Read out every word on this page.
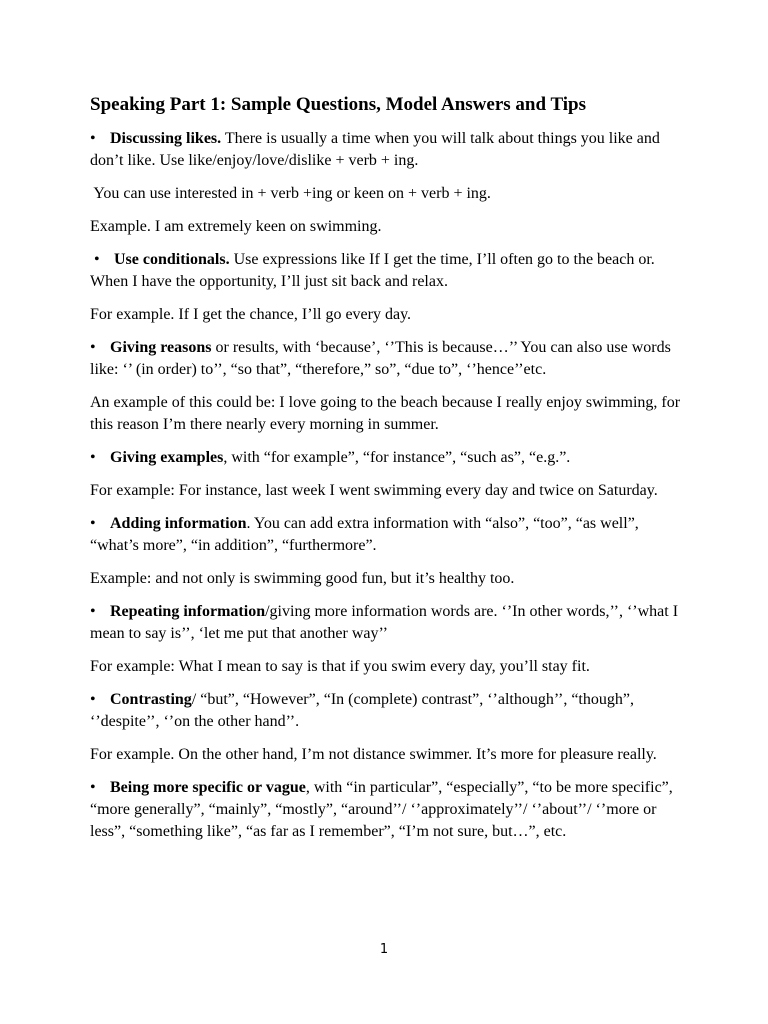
Speaking Part 1: Sample Questions, Model Answers and Tips

• Discussing likes. There is usually a time when you will talk about things you like and don’t like. Use like/enjoy/love/dislike + verb + ing.

You can use interested in + verb +ing or keen on + verb + ing.

Example. I am extremely keen on swimming.

• Use conditionals. Use expressions like If I get the time, I’ll often go to the beach or. When I have the opportunity, I’ll just sit back and relax.

For example. If I get the chance, I’ll go every day.

• Giving reasons or results, with ‘because’, ‘’This is because…’’ You can also use words like: ‘’ (in order) to’’, “so that”, “therefore,” so”, “due to”, ‘’hence’’etc.

An example of this could be: I love going to the beach because I really enjoy swimming, for this reason I’m there nearly every morning in summer.

• Giving examples, with “for example”, “for instance”, “such as”, “e.g.”.

For example: For instance, last week I went swimming every day and twice on Saturday.

• Adding information. You can add extra information with “also”, “too”, “as well”, “what’s more”, “in addition”, “furthermore”.

Example: and not only is swimming good fun, but it’s healthy too.

• Repeating information/giving more information words are. ‘’In other words,’’, ‘’what I mean to say is’’, ‘let me put that another way’’

For example: What I mean to say is that if you swim every day, you’ll stay fit.

• Contrasting/ “but”, “However”, “In (complete) contrast”, ‘’although’’, “though”, ‘’despite’’, ‘’on the other hand’’.

For example. On the other hand, I’m not distance swimmer. It’s more for pleasure really.

• Being more specific or vague, with “in particular”, “especially”, “to be more specific”, “more generally”, “mainly”, “mostly”, “around’’/ ‘’approximately’’/ ‘’about’’/ ‘’more or less”, “something like”, “as far as I remember”, “I’m not sure, but…”, etc.

1
